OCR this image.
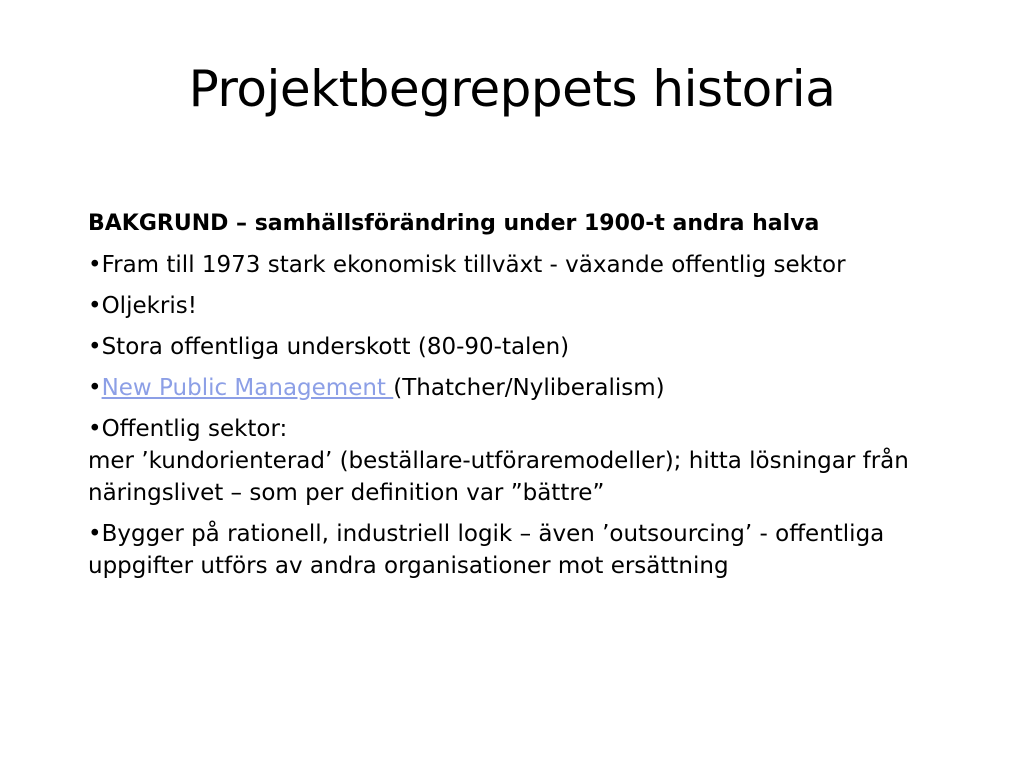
Projektbegreppets historia
BAKGRUND – samhällsförändring under 1900-t andra halva
•Fram till 1973 stark ekonomisk tillväxt - växande offentlig sektor
•Oljekris!
•Stora offentliga underskott (80-90-talen)
•New Public Management (Thatcher/Nyliberalism)
•Offentlig sektor:
mer ’kundorienterad’ (beställare-utföraremodeller); hitta lösningar från näringslivet – som per definition var ”bättre”
•Bygger på rationell, industriell logik – även ’outsourcing’ - offentliga uppgifter utförs av andra organisationer mot ersättning
